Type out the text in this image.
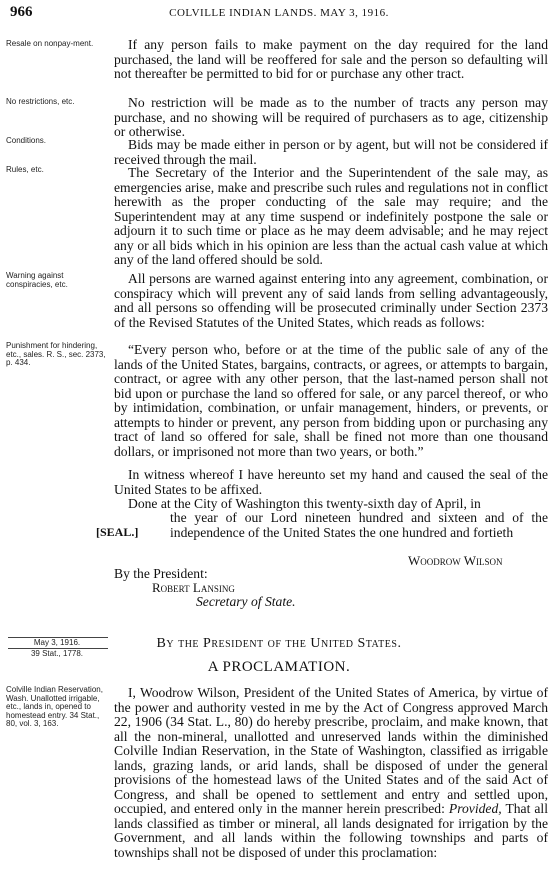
966	COLVILLE INDIAN LANDS. MAY 3, 1916.
Resale on nonpay-ment.
No restrictions, etc.
Conditions.
Rules, etc.
Warning against conspiracies, etc.
Punishment for hindering, etc., sales. R. S., sec. 2373, p. 434.
If any person fails to make payment on the day required for the land purchased, the land will be reoffered for sale and the person so defaulting will not thereafter be permitted to bid for or purchase any other tract.
No restriction will be made as to the number of tracts any person may purchase, and no showing will be required of purchasers as to age, citizenship or otherwise.
Bids may be made either in person or by agent, but will not be considered if received through the mail.
The Secretary of the Interior and the Superintendent of the sale may, as emergencies arise, make and prescribe such rules and regulations not in conflict herewith as the proper conducting of the sale may require; and the Superintendent may at any time suspend or indefinitely postpone the sale or adjourn it to such time or place as he may deem advisable; and he may reject any or all bids which in his opinion are less than the actual cash value at which any of the land offered should be sold.
All persons are warned against entering into any agreement, combination, or conspiracy which will prevent any of said lands from selling advantageously, and all persons so offending will be prosecuted criminally under Section 2373 of the Revised Statutes of the United States, which reads as follows:
“Every person who, before or at the time of the public sale of any of the lands of the United States, bargains, contracts, or agrees, or attempts to bargain, contract, or agree with any other person, that the last-named person shall not bid upon or purchase the land so offered for sale, or any parcel thereof, or who by intimidation, combination, or unfair management, hinders, or prevents, or attempts to hinder or prevent, any person from bidding upon or purchasing any tract of land so offered for sale, shall be fined not more than one thousand dollars, or imprisoned not more than two years, or both.”
In witness whereof I have hereunto set my hand and caused the seal of the United States to be affixed.
Done at the City of Washington this twenty-sixth day of April, in
the year of our Lord nineteen hundred and sixteen and of the independence of the United States the one hundred and fortieth
[SEAL.]
Woodrow Wilson
By the President:
Robert Lansing
Secretary of State.
May 3, 1916.
39 Stat., 1778.
By the President of the United States.
A PROCLAMATION.
Colville Indian Reservation, Wash. Unallotted irrigable, etc., lands in, opened to homestead entry. 34 Stat., 80, vol. 3, 163.
I, Woodrow Wilson, President of the United States of America, by virtue of the power and authority vested in me by the Act of Congress approved March 22, 1906 (34 Stat. L., 80) do hereby prescribe, proclaim, and make known, that all the non-mineral, unallotted and unreserved lands within the diminished Colville Indian Reservation, in the State of Washington, classified as irrigable lands, grazing lands, or arid lands, shall be disposed of under the general provisions of the homestead laws of the United States and of the said Act of Congress, and shall be opened to settlement and entry and settled upon, occupied, and entered only in the manner herein prescribed: Provided, That all lands classified as timber or mineral, all lands designated for irrigation by the Government, and all lands within the following townships and parts of townships shall not be disposed of under this proclamation:
